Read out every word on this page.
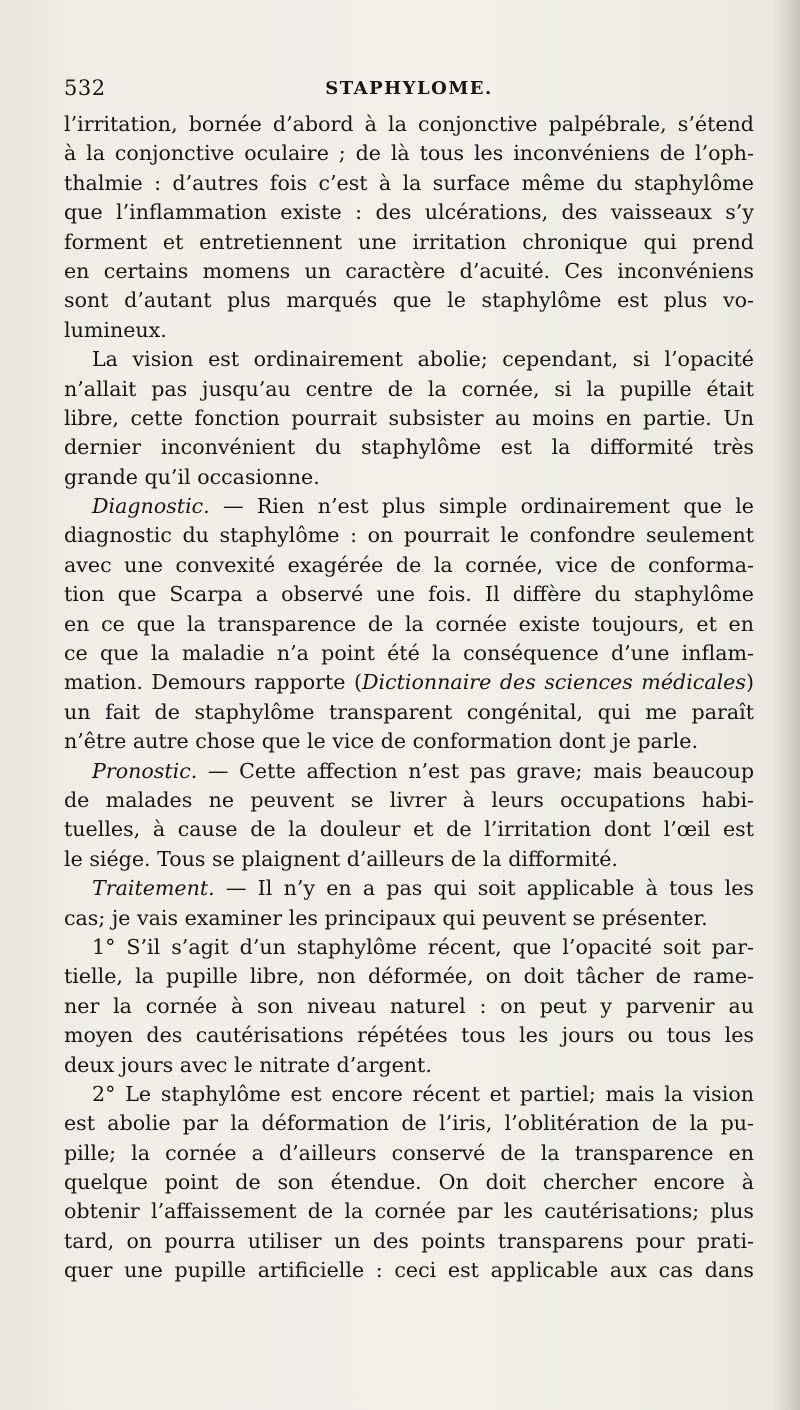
532	STAPHYLOME.
l’irritation, bornée d’abord à la conjonctive palpébrale, s’étend
à la conjonctive oculaire ; de là tous les inconvéniens de l’oph-
thalmie : d’autres fois c’est à la surface même du staphylôme
que l’inflammation existe : des ulcérations, des vaisseaux s’y
forment et entretiennent une irritation chronique qui prend
en certains momens un caractère d’acuité. Ces inconvéniens
sont d’autant plus marqués que le staphylôme est plus vo-
lumineux.
La vision est ordinairement abolie; cependant, si l’opacité
n’allait pas jusqu’au centre de la cornée, si la pupille était
libre, cette fonction pourrait subsister au moins en partie. Un
dernier inconvénient du staphylôme est la difformité très
grande qu’il occasionne.
Diagnostic. — Rien n’est plus simple ordinairement que le
diagnostic du staphylôme : on pourrait le confondre seulement
avec une convexité exagérée de la cornée, vice de conforma-
tion que Scarpa a observé une fois. Il diffère du staphylôme
en ce que la transparence de la cornée existe toujours, et en
ce que la maladie n’a point été la conséquence d’une inflam-
mation. Demours rapporte (Dictionnaire des sciences médicales)
un fait de staphylôme transparent congénital, qui me paraît
n’être autre chose que le vice de conformation dont je parle.
Pronostic. — Cette affection n’est pas grave; mais beaucoup
de malades ne peuvent se livrer à leurs occupations habi-
tuelles, à cause de la douleur et de l’irritation dont l’œil est
le siége. Tous se plaignent d’ailleurs de la difformité.
Traitement. — Il n’y en a pas qui soit applicable à tous les
cas; je vais examiner les principaux qui peuvent se présenter.
1° S’il s’agit d’un staphylôme récent, que l’opacité soit par-
tielle, la pupille libre, non déformée, on doit tâcher de rame-
ner la cornée à son niveau naturel : on peut y parvenir au
moyen des cautérisations répétées tous les jours ou tous les
deux jours avec le nitrate d’argent.
2° Le staphylôme est encore récent et partiel; mais la vision
est abolie par la déformation de l’iris, l’oblitération de la pu-
pille; la cornée a d’ailleurs conservé de la transparence en
quelque point de son étendue. On doit chercher encore à
obtenir l’affaissement de la cornée par les cautérisations; plus
tard, on pourra utiliser un des points transparens pour prati-
quer une pupille artificielle : ceci est applicable aux cas dans
